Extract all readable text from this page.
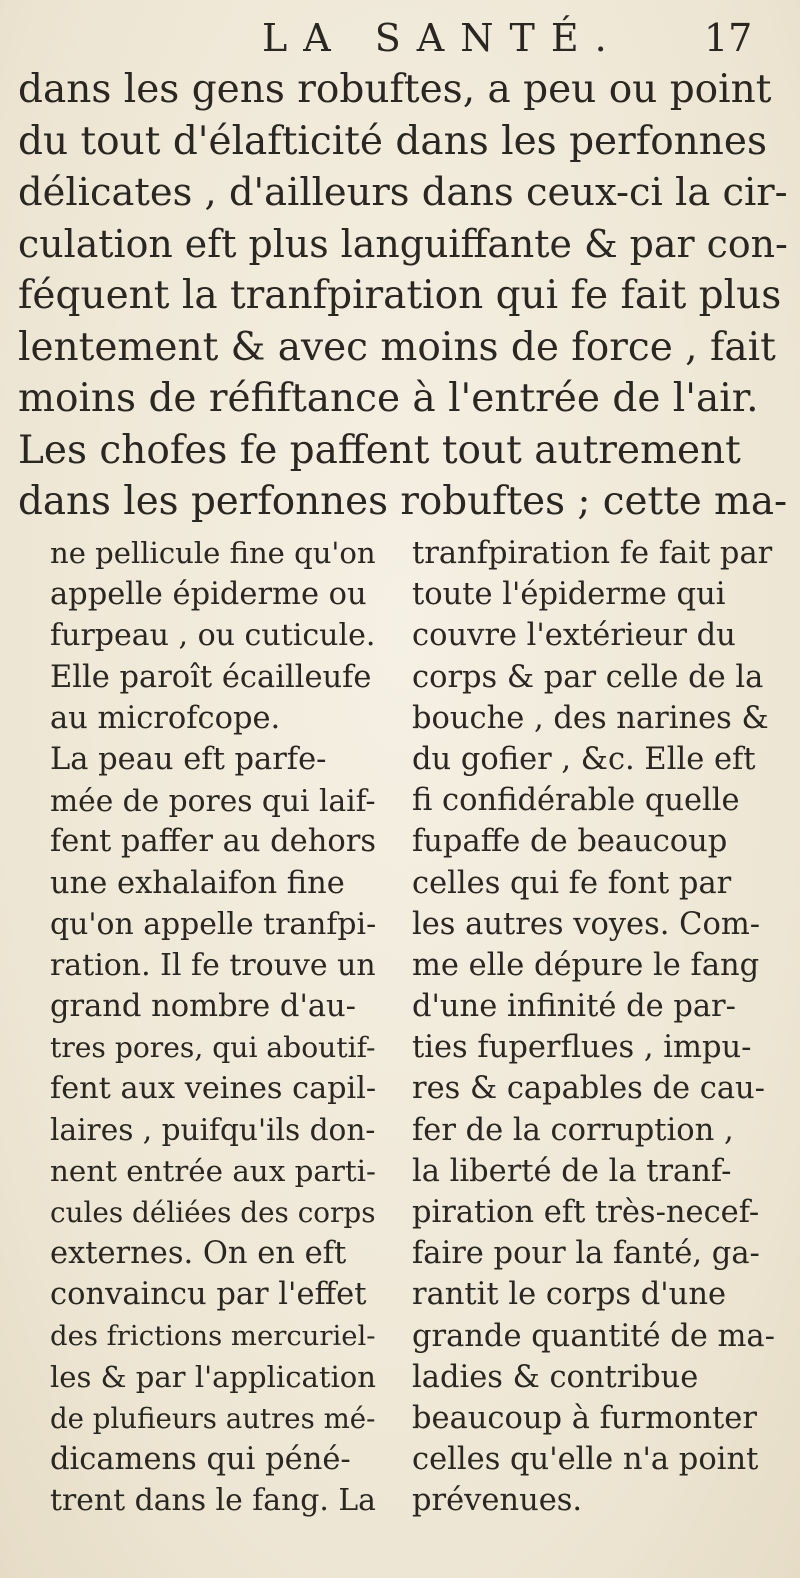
LA SANTÉ. 17
dans les gens robuftes, a peu ou point
du tout d'élafticité dans les perfonnes
délicates , d'ailleurs dans ceux-ci la cir-
culation eft plus languiffante & par con-
féquent la tranfpiration qui fe fait plus
lentement & avec moins de force , fait
moins de réfiftance à l'entrée de l'air.
Les chofes fe paffent tout autrement
dans les perfonnes robuftes ; cette ma-
ne pellicule fine qu'on
appelle épiderme ou
furpeau , ou cuticule.
Elle paroît écailleufe
au microfcope.
La peau eft parfe-
mée de pores qui laif-
fent paffer au dehors
une exhalaifon fine
qu'on appelle tranfpi-
ration. Il fe trouve un
grand nombre d'au-
tres pores, qui aboutif-
fent aux veines capil-
laires , puifqu'ils don-
nent entrée aux parti-
cules déliées des corps
externes. On en eft
convaincu par l'effet
des frictions mercuriel-
les & par l'application
de plufieurs autres mé-
dicamens qui péné-
trent dans le fang. La
tranfpiration fe fait par
toute l'épiderme qui
couvre l'extérieur du
corps & par celle de la
bouche , des narines &
du gofier , &c. Elle eft
fi confidérable quelle
fupaffe de beaucoup
celles qui fe font par
les autres voyes. Com-
me elle dépure le fang
d'une infinité de par-
ties fuperflues , impu-
res & capables de cau-
fer de la corruption ,
la liberté de la tranf-
piration eft très-necef-
faire pour la fanté, ga-
rantit le corps d'une
grande quantité de ma-
ladies & contribue
beaucoup à furmonter
celles qu'elle n'a point
prévenues.
